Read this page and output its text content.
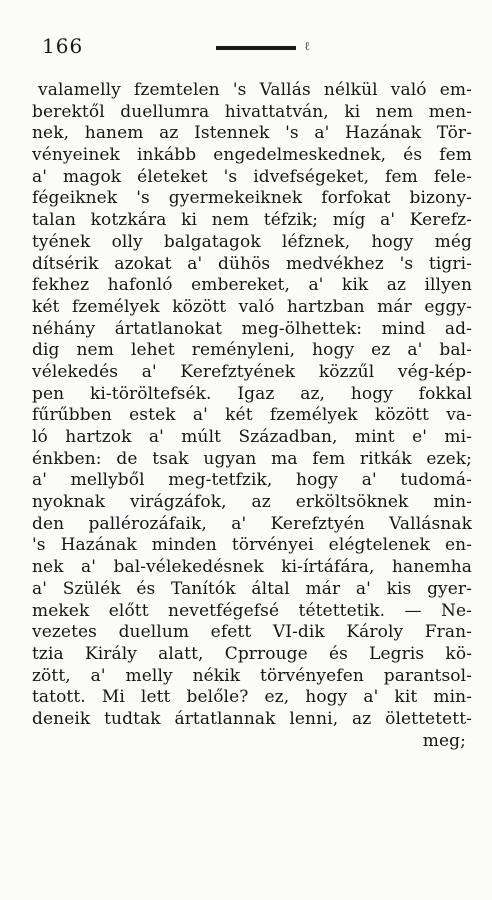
166	ℓ
valamelly fzemtelen 's Vallás nélkül való em-
berektől duellumra hivattatván, ki nem men-
nek, hanem az Istennek 's a' Hazának Tör-
vényeinek inkább engedelmeskednek, és fem
a' magok életeket 's idvefségeket, fem fele-
fégeiknek 's gyermekeiknek forfokat bizony-
talan kotzkára ki nem téfzik; míg a' Kerefz-
tyének olly balgatagok léfznek, hogy még
dítsérik azokat a' dühös medvékhez 's tigri-
fekhez hafonló embereket, a' kik az illyen
két fzemélyek között való hartzban már eggy-
néhány ártatlanokat meg-ölhettek: mind ad-
dig nem lehet reményleni, hogy ez a' bal-
vélekedés a' Kerefztyének közzűl vég-kép-
pen ki-töröltefsék. Igaz az, hogy fokkal
fűrűbben estek a' két fzemélyek között va-
ló hartzok a' múlt Században, mint e' mi-
énkben: de tsak ugyan ma fem ritkák ezek;
a' mellyből meg-tetfzik, hogy a' tudomá-
nyoknak virágzáfok, az erköltsöknek min-
den pallérozáfaik, a' Kerefztyén Vallásnak
's Hazának minden törvényei elégtelenek en-
nek a' bal-vélekedésnek ki-írtáfára, hanemha
a' Szülék és Tanítók által már a' kis gyer-
mekek előtt nevetfégefsé tétettetik. — Ne-
vezetes duellum efett VI-dik Károly Fran-
tzia Király alatt, Cprrouge és Legris kö-
zött, a' melly nékik törvényefen parantsol-
tatott. Mi lett belőle? ez, hogy a' kit min-
deneik tudtak ártatlannak lenni, az ölettetett-
meg;
